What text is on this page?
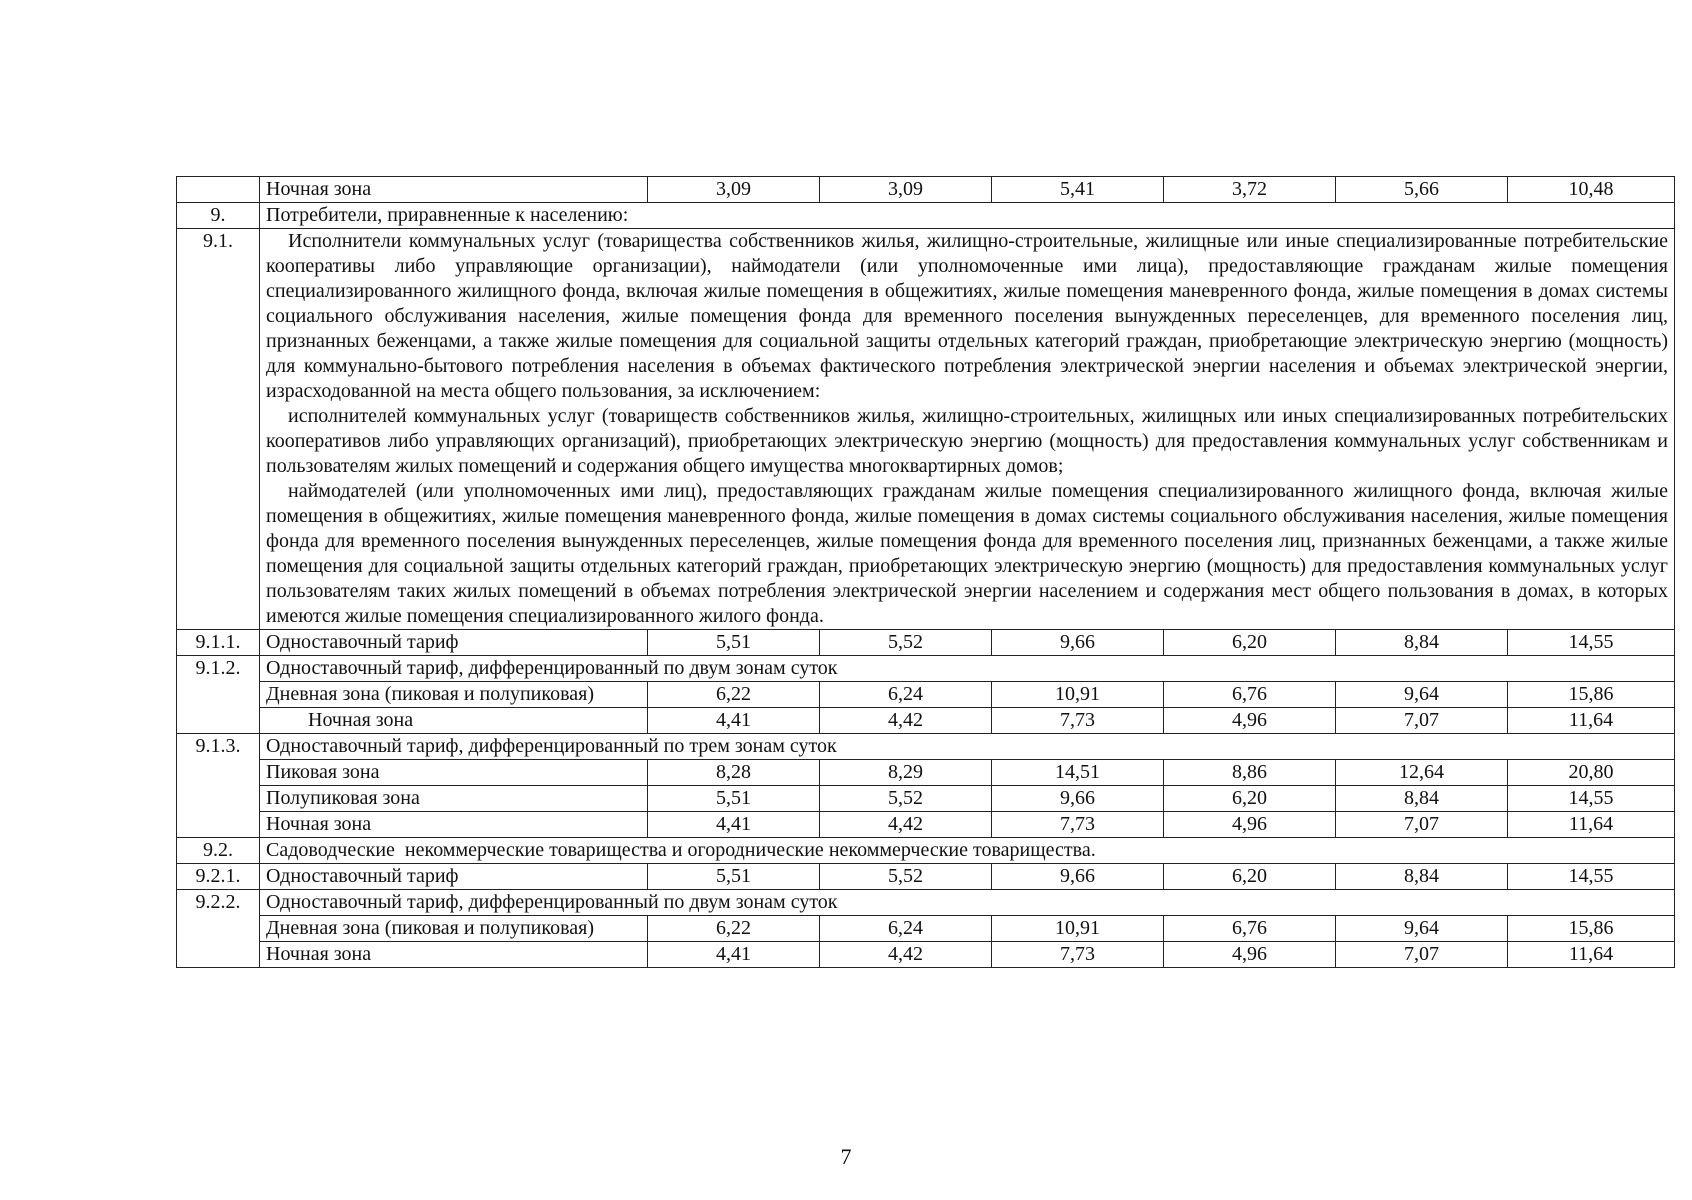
	Ночная зона	3,09	3,09	5,41	3,72	5,66	10,48
9.	Потребители, приравненные к населению:						
9.1.	Исполнители коммунальных услуг (товарищества собственников жилья, жилищно-строительные, жилищные или иные специализированные потребительские кооперативы либо управляющие организации), наймодатели (или уполномоченные ими лица), предоставляющие гражданам жилые помещения специализированного жилищного фонда, включая жилые помещения в общежитиях, жилые помещения маневренного фонда, жилые помещения в домах системы социального обслуживания населения, жилые помещения фонда для временного поселения вынужденных переселенцев, для временного поселения лиц, признанных беженцами, а также жилые помещения для социальной защиты отдельных категорий граждан, приобретающие электрическую энергию (мощность) для коммунально-бытового потребления населения в объемах фактического потребления электрической энергии населения и объемах электрической энергии, израсходованной на места общего пользования, за исключением:

исполнителей коммунальных услуг (товариществ собственников жилья, жилищно-строительных, жилищных или иных специализированных потребительских кооперативов либо управляющих организаций), приобретающих электрическую энергию (мощность) для предоставления коммунальных услуг собственникам и пользователям жилых помещений и содержания общего имущества многоквартирных домов;

наймодателей (или уполномоченных ими лиц), предоставляющих гражданам жилые помещения специализированного жилищного фонда, включая жилые помещения в общежитиях, жилые помещения маневренного фонда, жилые помещения в домах системы социального обслуживания населения, жилые помещения фонда для временного поселения вынужденных переселенцев, жилые помещения фонда для временного поселения лиц, признанных беженцами, а также жилые помещения для социальной защиты отдельных категорий граждан, приобретающих электрическую энергию (мощность) для предоставления коммунальных услуг пользователям таких жилых помещений в объемах потребления электрической энергии населением и содержания мест общего пользования в домах, в которых имеются жилые помещения специализированного жилого фонда.						

9.1.1.	Одноставочный тариф	5,51	5,52	9,66	6,20	8,84	14,55
9.1.2.	Одноставочный тариф, дифференцированный по двум зонам суток						
	Дневная зона (пиковая и полупиковая)	6,22	6,24	10,91	6,76	9,64	15,86
	Ночная зона	4,41	4,42	7,73	4,96	7,07	11,64
9.1.3.	Одноставочный тариф, дифференцированный по трем зонам суток						
	Пиковая зона	8,28	8,29	14,51	8,86	12,64	20,80
	Полупиковая зона	5,51	5,52	9,66	6,20	8,84	14,55
	Ночная зона	4,41	4,42	7,73	4,96	7,07	11,64
9.2.	Садоводческие  некоммерческие товарищества и огороднические некоммерческие товарищества.						
9.2.1.	Одноставочный тариф	5,51	5,52	9,66	6,20	8,84	14,55
9.2.2.	Одноставочный тариф, дифференцированный по двум зонам суток						
	Дневная зона (пиковая и полупиковая)	6,22	6,24	10,91	6,76	9,64	15,86
	Ночная зона	4,41	4,42	7,73	4,96	7,07	11,64
7
